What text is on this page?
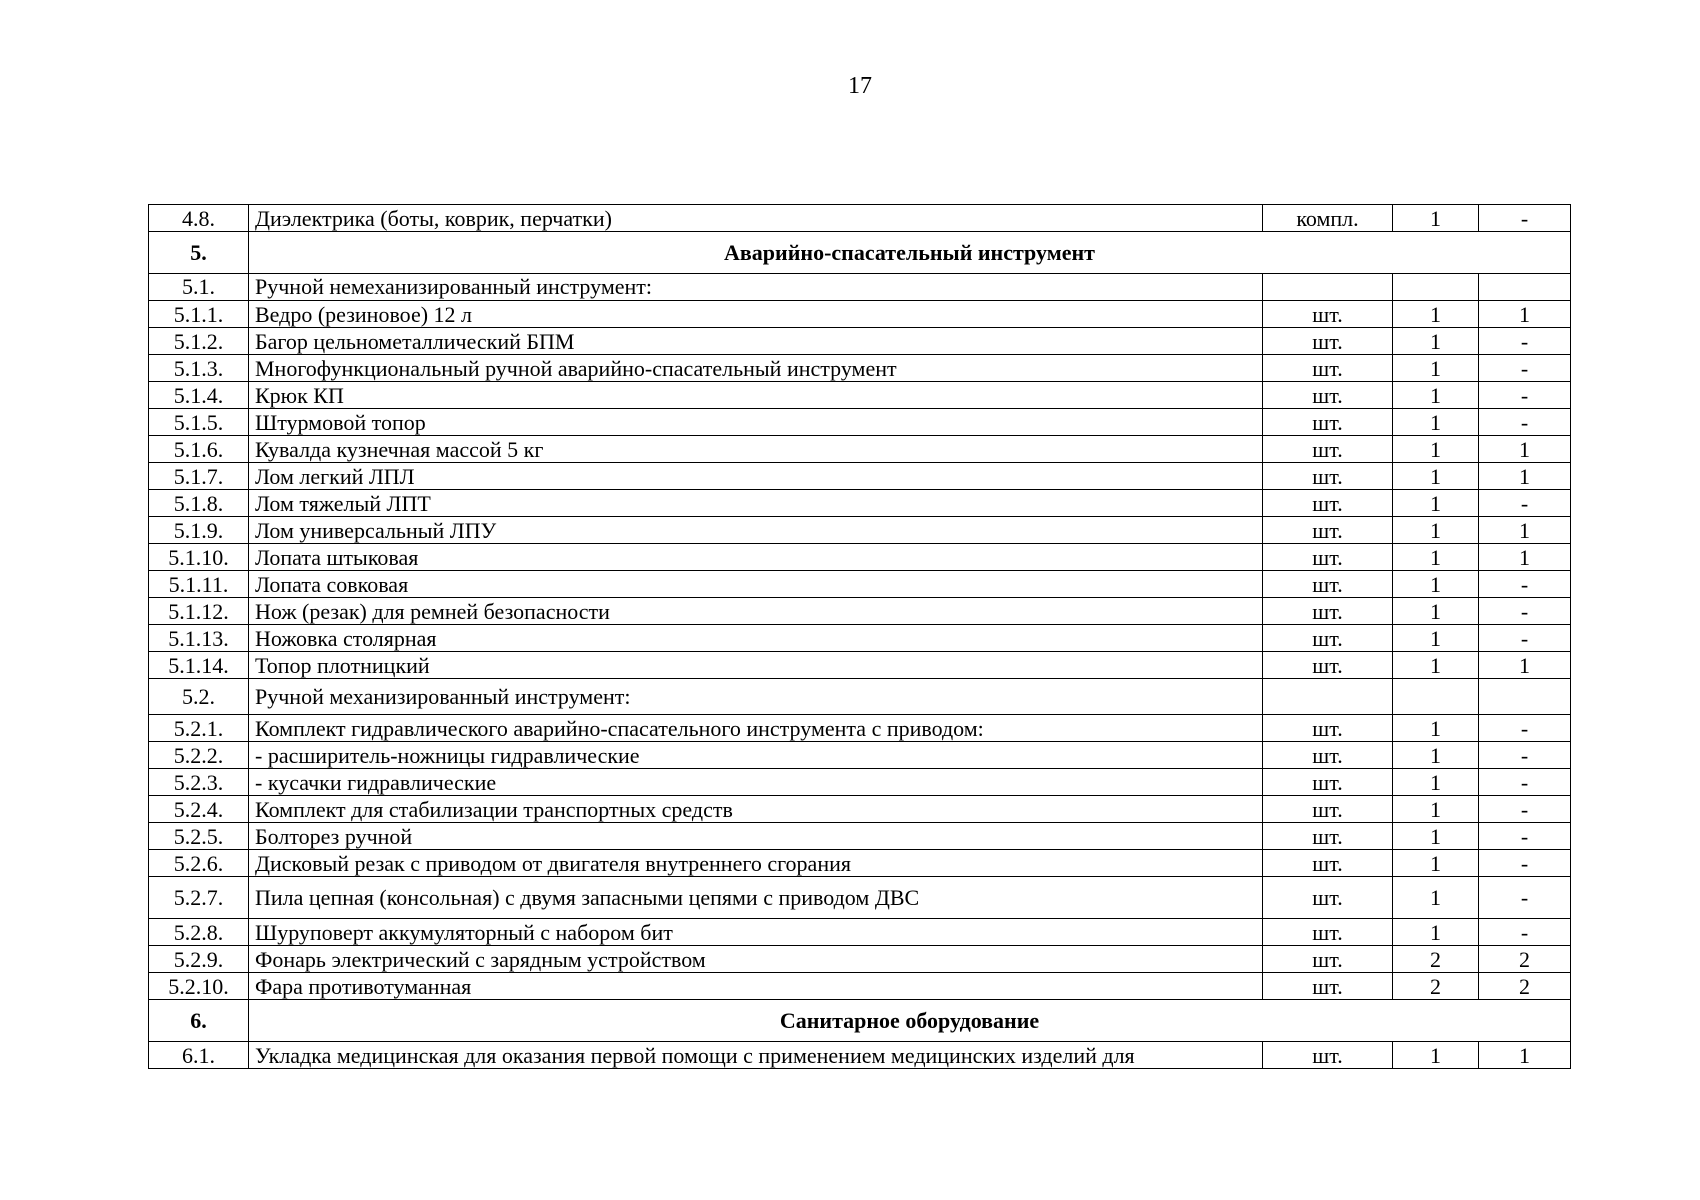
17
4.8.	Диэлектрика (боты, коврик, перчатки)	компл.	1	-
5.	Аварийно-спасательный инструмент			
5.1.	Ручной немеханизированный инструмент:			
5.1.1.	Ведро (резиновое) 12 л	шт.	1	1
5.1.2.	Багор цельнометаллический БПМ	шт.	1	-
5.1.3.	Многофункциональный ручной аварийно-спасательный инструмент	шт.	1	-
5.1.4.	Крюк КП	шт.	1	-
5.1.5.	Штурмовой топор	шт.	1	-
5.1.6.	Кувалда кузнечная массой 5 кг	шт.	1	1
5.1.7.	Лом легкий ЛПЛ	шт.	1	1
5.1.8.	Лом тяжелый ЛПТ	шт.	1	-
5.1.9.	Лом универсальный ЛПУ	шт.	1	1
5.1.10.	Лопата штыковая	шт.	1	1
5.1.11.	Лопата совковая	шт.	1	-
5.1.12.	Нож (резак) для ремней безопасности	шт.	1	-
5.1.13.	Ножовка столярная	шт.	1	-
5.1.14.	Топор плотницкий	шт.	1	1
5.2.	Ручной механизированный инструмент:			
5.2.1.	Комплект гидравлического аварийно-спасательного инструмента с приводом:	шт.	1	-
5.2.2.	- расширитель-ножницы гидравлические	шт.	1	-
5.2.3.	- кусачки гидравлические	шт.	1	-
5.2.4.	Комплект для стабилизации транспортных средств	шт.	1	-
5.2.5.	Болторез ручной	шт.	1	-
5.2.6.	Дисковый резак с приводом от двигателя внутреннего сгорания	шт.	1	-
5.2.7.	Пила цепная (консольная) с двумя запасными цепями с приводом ДВС	шт.	1	-
5.2.8.	Шуруповерт аккумуляторный с набором бит	шт.	1	-
5.2.9.	Фонарь электрический с зарядным устройством	шт.	2	2
5.2.10.	Фара противотуманная	шт.	2	2
6.	Санитарное оборудование			
6.1.	Укладка медицинская для оказания первой помощи с применением медицинских изделий для	шт.	1	1
